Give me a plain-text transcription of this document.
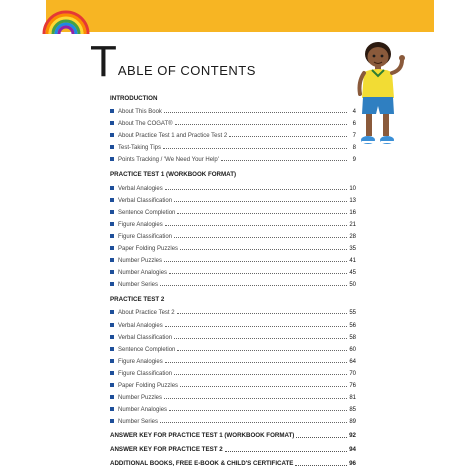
T ABLE OF CONTENTS
INTRODUCTION
About This Book	4
About The COGAT®	6
About Practice Test 1 and Practice Test 2	7
Test-Taking Tips	8
Points Tracking / 'We Need Your Help'	9
PRACTICE TEST 1 (WORKBOOK FORMAT)
Verbal Analogies	10
Verbal Classification	13
Sentence Completion	16
Figure Analogies	21
Figure Classification	28
Paper Folding Puzzles	35
Number Puzzles	41
Number Analogies	45
Number Series	50
PRACTICE TEST 2
About Practice Test 2	55
Verbal Analogies	56
Verbal Classification	58
Sentence Completion	60
Figure Analogies	64
Figure Classification	70
Paper Folding Puzzles	76
Number Puzzles	81
Number Analogies	85
Number Series	89
ANSWER KEY FOR PRACTICE TEST 1 (WORKBOOK FORMAT)	92
ANSWER KEY FOR PRACTICE TEST 2	94
ADDITIONAL BOOKS, FREE E-BOOK & CHILD'S CERTIFICATE	96
